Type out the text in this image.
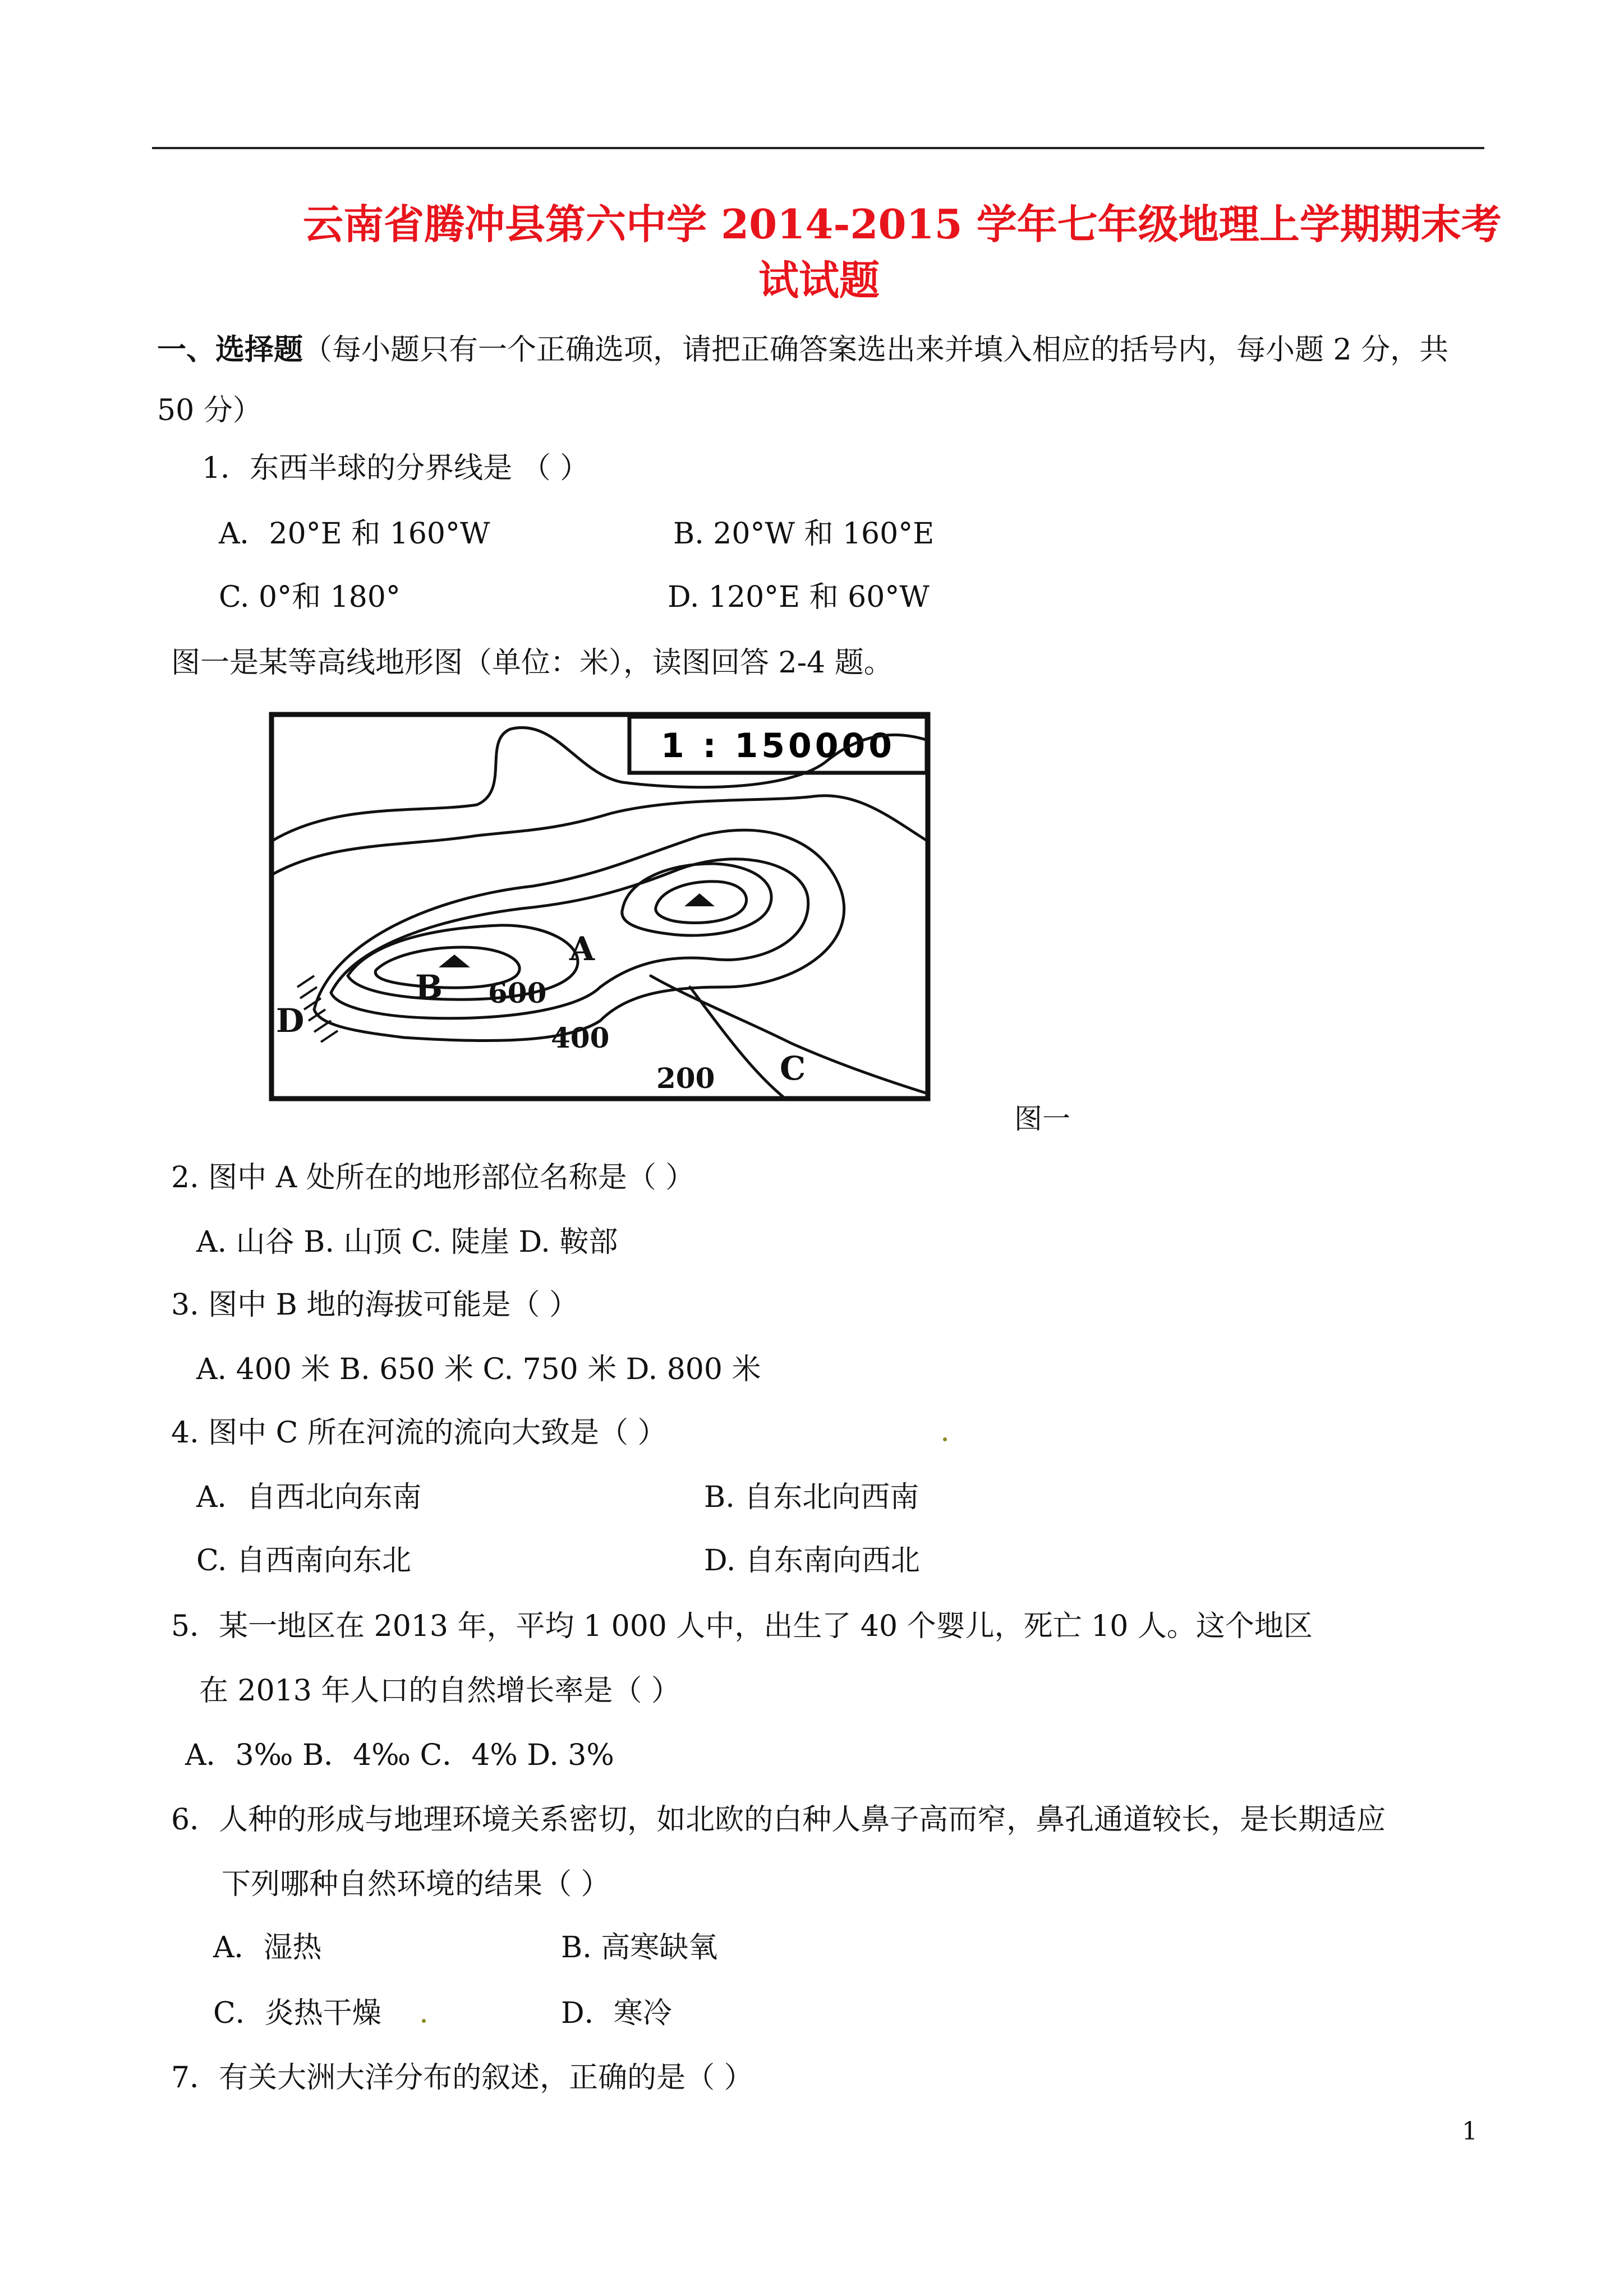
云南省腾冲县第六中学 2014-2015 学年七年级地理上学期期末考
试试题
一、选择题（每小题只有一个正确选项，请把正确答案选出来并填入相应的括号内，每小题 2 分，共 50 分）
1．东西半球的分界线是 （ ）
A．20°E 和 160°W	B. 20°W 和 160°E
C. 0°和 180°	D. 120°E 和 60°W
图一是某等高线地形图（单位：米），读图回答 2-4 题。
1 : 150000
A
B
C
D
600
400
200
图一
2. 图中 A 处所在的地形部位名称是（ ）
A. 山谷 B. 山顶 C. 陡崖 D. 鞍部
3. 图中 B 地的海拔可能是（ ）
A. 400 米 B. 650 米 C. 750 米 D. 800 米
4. 图中 C 所在河流的流向大致是（ ）
A．自西北向东南	B. 自东北向西南
C. 自西南向东北	D. 自东南向西北
5．某一地区在 2013 年，平均 1 000 人中，出生了 40 个婴儿，死亡 10 人。这个地区
在 2013 年人口的自然增长率是（ ）
A．3‰ B．4‰ C．4% D. 3%
6．人种的形成与地理环境关系密切，如北欧的白种人鼻子高而窄，鼻孔通道较长，是长期适应
下列哪种自然环境的结果（ ）
A．湿热	B. 高寒缺氧
C．炎热干燥	D．寒冷
7．有关大洲大洋分布的叙述，正确的是（ ）
1
